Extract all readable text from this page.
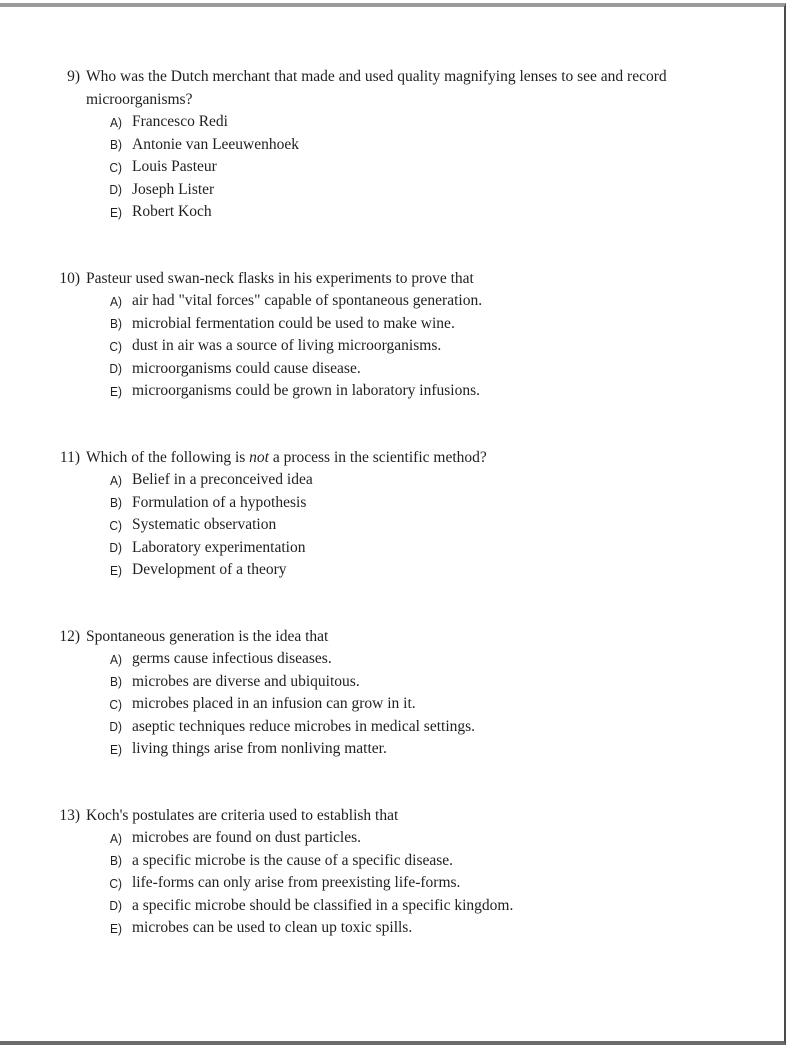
9) Who was the Dutch merchant that made and used quality magnifying lenses to see and record microorganisms?
A) Francesco Redi
B) Antonie van Leeuwenhoek
C) Louis Pasteur
D) Joseph Lister
E) Robert Koch
10) Pasteur used swan-neck flasks in his experiments to prove that
A) air had "vital forces" capable of spontaneous generation.
B) microbial fermentation could be used to make wine.
C) dust in air was a source of living microorganisms.
D) microorganisms could cause disease.
E) microorganisms could be grown in laboratory infusions.
11) Which of the following is not a process in the scientific method?
A) Belief in a preconceived idea
B) Formulation of a hypothesis
C) Systematic observation
D) Laboratory experimentation
E) Development of a theory
12) Spontaneous generation is the idea that
A) germs cause infectious diseases.
B) microbes are diverse and ubiquitous.
C) microbes placed in an infusion can grow in it.
D) aseptic techniques reduce microbes in medical settings.
E) living things arise from nonliving matter.
13) Koch's postulates are criteria used to establish that
A) microbes are found on dust particles.
B) a specific microbe is the cause of a specific disease.
C) life-forms can only arise from preexisting life-forms.
D) a specific microbe should be classified in a specific kingdom.
E) microbes can be used to clean up toxic spills.
